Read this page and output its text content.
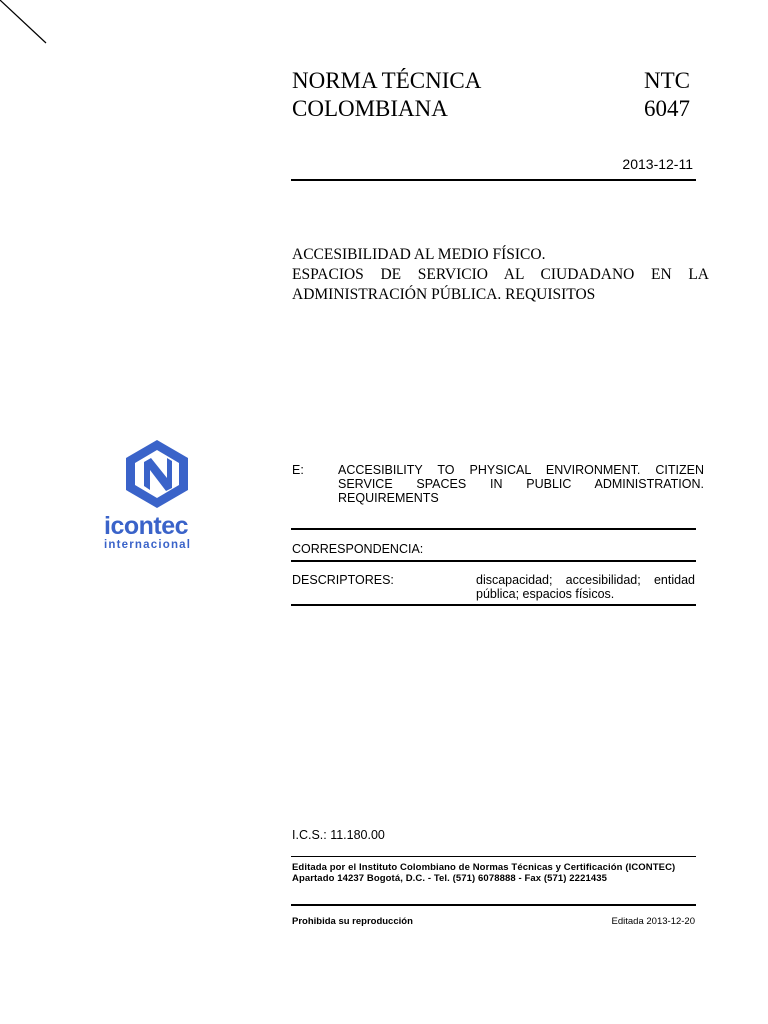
NORMA TÉCNICA
COLOMBIANA
NTC
6047
2013-12-11
ACCESIBILIDAD AL MEDIO FÍSICO.
ESPACIOS DE SERVICIO AL CIUDADANO EN LA ADMINISTRACIÓN PÚBLICA. REQUISITOS
icontec
internacional
E:	ACCESIBILITY TO PHYSICAL ENVIRONMENT. CITIZEN SERVICE SPACES IN PUBLIC ADMINISTRATION. REQUIREMENTS
CORRESPONDENCIA:
DESCRIPTORES:	discapacidad; accesibilidad; entidad pública; espacios físicos.
I.C.S.: 11.180.00
Editada por el Instituto Colombiano de Normas Técnicas y Certificación (ICONTEC)
Apartado 14237 Bogotá, D.C. - Tel. (571) 6078888 - Fax (571) 2221435
Prohibida su reproducción	Editada 2013-12-20
